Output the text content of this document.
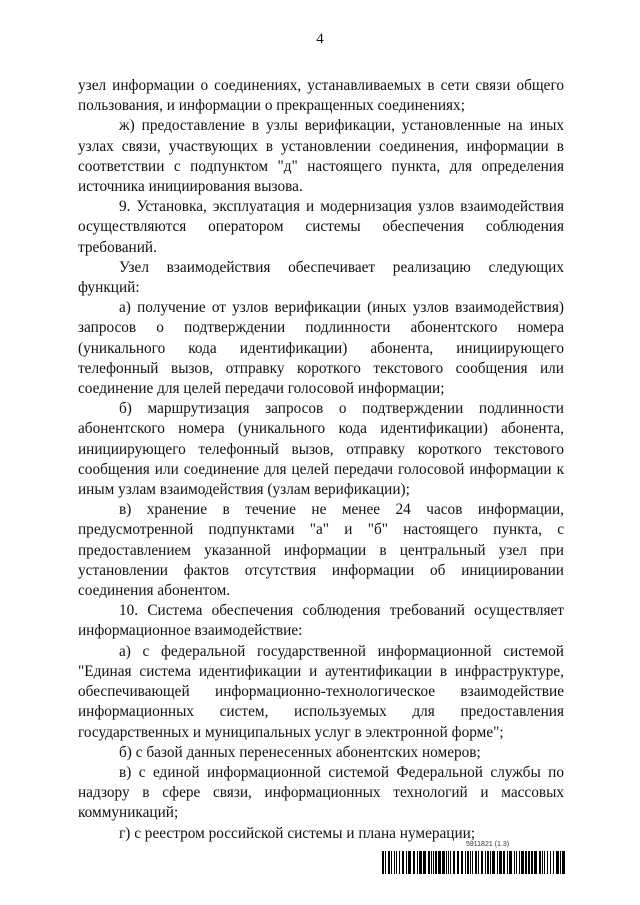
4

узел информации о соединениях, устанавливаемых в сети связи общего пользования, и информации о прекращенных соединениях;

ж) предоставление в узлы верификации, установленные на иных узлах связи, участвующих в установлении соединения, информации в соответствии с подпунктом "д" настоящего пункта, для определения источника инициирования вызова.

9. Установка, эксплуатация и модернизация узлов взаимодействия осуществляются оператором системы обеспечения соблюдения требований.

Узел взаимодействия обеспечивает реализацию следующих функций:

а) получение от узлов верификации (иных узлов взаимодействия) запросов о подтверждении подлинности абонентского номера (уникального кода идентификации) абонента, инициирующего телефонный вызов, отправку короткого текстового сообщения или соединение для целей передачи голосовой информации;

б) маршрутизация запросов о подтверждении подлинности абонентского номера (уникального кода идентификации) абонента, инициирующего телефонный вызов, отправку короткого текстового сообщения или соединение для целей передачи голосовой информации к иным узлам взаимодействия (узлам верификации);

в) хранение в течение не менее 24 часов информации, предусмотренной подпунктами "а" и "б" настоящего пункта, с предоставлением указанной информации в центральный узел при установлении фактов отсутствия информации об инициировании соединения абонентом.

10. Система обеспечения соблюдения требований осуществляет информационное взаимодействие:

а) с федеральной государственной информационной системой "Единая система идентификации и аутентификации в инфраструктуре, обеспечивающей информационно-технологическое взаимодействие информационных систем, используемых для предоставления государственных и муниципальных услуг в электронной форме";

б) с базой данных перенесенных абонентских номеров;

в) с единой информационной системой Федеральной службы по надзору в сфере связи, информационных технологий и массовых коммуникаций;

г) с реестром российской системы и плана нумерации;

5911821 (1.3)
